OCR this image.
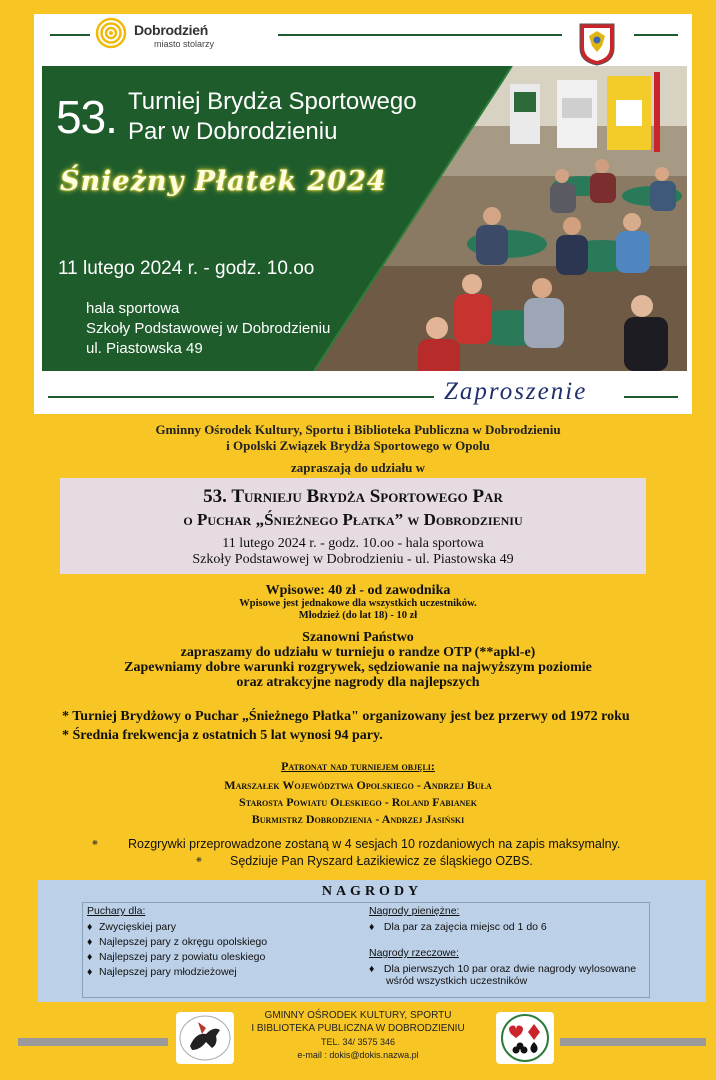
Dobrodzień
miasto stolarzy
53. Turniej Brydża Sportowego
Par w Dobrodzieniu
Śnieżny Płatek 2024
11 lutego 2024 r. - godz. 10.oo
hala sportowa
Szkoły Podstawowej w Dobrodzieniu
ul. Piastowska 49
Zaproszenie
Gminny Ośrodek Kultury, Sportu i Biblioteka Publiczna w Dobrodzieniu
i Opolski Związek Brydża Sportowego w Opolu
zapraszają do udziału w
53. Turnieju Brydża Sportowego Par
o Puchar „Śnieżnego Płatka” w Dobrodzieniu
11 lutego 2024 r. - godz. 10.oo - hala sportowa
Szkoły Podstawowej w Dobrodzieniu - ul. Piastowska 49
Wpisowe: 40 zł - od zawodnika
Wpisowe jest jednakowe dla wszystkich uczestników.
Młodzież (do lat 18) - 10 zł
Szanowni Państwo
zapraszamy do udziału w turnieju o randze OTP (**apkl-e)
Zapewniamy dobre warunki rozgrywek, sędziowanie na najwyższym poziomie
oraz atrakcyjne nagrody dla najlepszych
* Turniej Brydżowy o Puchar „Śnieżnego Płatka" organizowany jest bez przerwy od 1972 roku
* Średnia frekwencja z ostatnich 5 lat wynosi 94 pary.
Patronat nad turniejem objęli:
Marszałek Województwa Opolskiego - Andrzej Buła
Starosta Powiatu Oleskiego - Roland Fabianek
Burmistrz Dobrodzienia - Andrzej Jasiński
❋ Rozgrywki przeprowadzone zostaną w 4 sesjach 10 rozdaniowych na zapis maksymalny.
❋ Sędziuje Pan Ryszard Łazikiewicz ze śląskiego OZBS.
NAGRODY
Puchary dla:
♦ Zwycięskiej pary
♦ Najlepszej pary z okręgu opolskiego
♦ Najlepszej pary z powiatu oleskiego
♦ Najlepszej pary młodzieżowej
Nagrody pieniężne:
♦ Dla par za zajęcia miejsc od 1 do 6
Nagrody rzeczowe:
♦ Dla pierwszych 10 par oraz dwie nagrody wylosowane
wśród wszystkich uczestników
GMINNY OŚRODEK KULTURY, SPORTU
I BIBLIOTEKA PUBLICZNA W DOBRODZIENIU
TEL. 34/ 3575 346
e-mail : dokis@dokis.nazwa.pl
